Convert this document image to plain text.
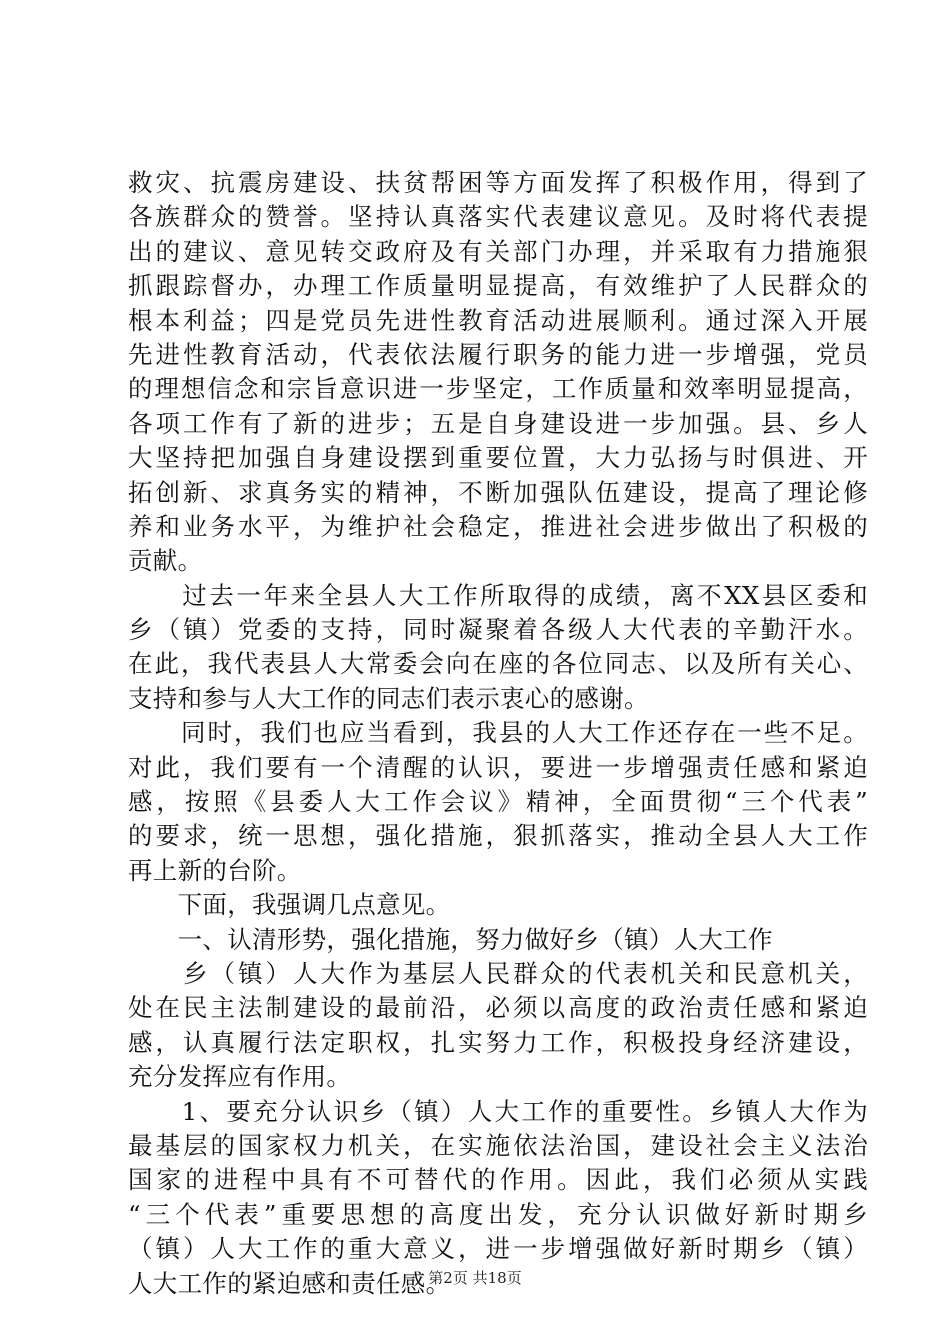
救灾、抗震房建设、扶贫帮困等方面发挥了积极作用，得到了
各族群众的赞誉。坚持认真落实代表建议意见。及时将代表提
出的建议、意见转交政府及有关部门办理，并采取有力措施狠
抓跟踪督办，办理工作质量明显提高，有效维护了人民群众的
根本利益；四是党员先进性教育活动进展顺利。通过深入开展
先进性教育活动，代表依法履行职务的能力进一步增强，党员
的理想信念和宗旨意识进一步坚定，工作质量和效率明显提高，
各项工作有了新的进步；五是自身建设进一步加强。县、乡人
大坚持把加强自身建设摆到重要位置，大力弘扬与时俱进、开
拓创新、求真务实的精神，不断加强队伍建设，提高了理论修
养和业务水平，为维护社会稳定，推进社会进步做出了积极的
贡献。
　　过去一年来全县人大工作所取得的成绩，离不XX县区委和
乡（镇）党委的支持，同时凝聚着各级人大代表的辛勤汗水。
在此，我代表县人大常委会向在座的各位同志、以及所有关心、
支持和参与人大工作的同志们表示衷心的感谢。
　　同时，我们也应当看到，我县的人大工作还存在一些不足。
对此，我们要有一个清醒的认识，要进一步增强责任感和紧迫
感，按照《县委人大工作会议》精神，全面贯彻“三个代表”
的要求，统一思想，强化措施，狠抓落实，推动全县人大工作
再上新的台阶。
　　下面，我强调几点意见。
　　一、认清形势，强化措施，努力做好乡（镇）人大工作
　　乡（镇）人大作为基层人民群众的代表机关和民意机关，
处在民主法制建设的最前沿，必须以高度的政治责任感和紧迫
感，认真履行法定职权，扎实努力工作，积极投身经济建设，
充分发挥应有作用。
　　1、要充分认识乡（镇）人大工作的重要性。乡镇人大作为
最基层的国家权力机关，在实施依法治国，建设社会主义法治
国家的进程中具有不可替代的作用。因此，我们必须从实践
“三个代表”重要思想的高度出发，充分认识做好新时期乡
（镇）人大工作的重大意义，进一步增强做好新时期乡（镇）
人大工作的紧迫感和责任感。
第2页 共18页
